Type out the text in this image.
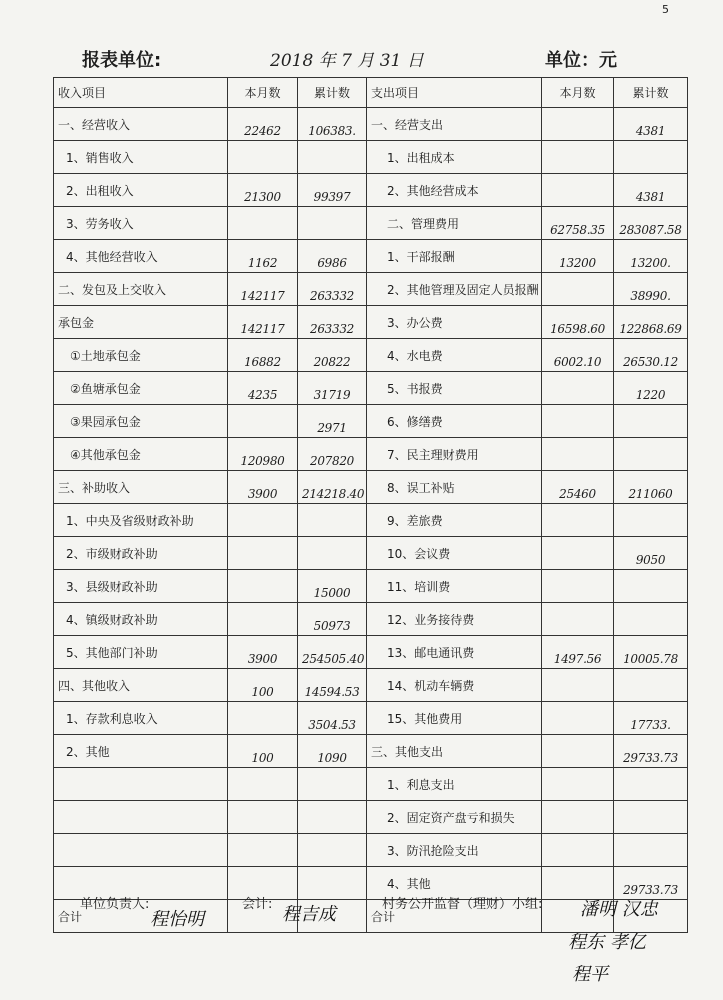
5
报表单位:	2018 年 7 月 31 日	单位：元
收入项目	本月数	累计数	支出项目	本月数	累计数
一、经营收入	22462	106383.	一、经营支出		4381
1、销售收入			1、出租成本		
2、出租收入	21300	99397	2、其他经营成本		4381
3、劳务收入			二、管理费用	62758.35	283087.58
4、其他经营收入	1162	6986	1、干部报酬	13200	13200.
二、发包及上交收入	142117	263332	2、其他管理及固定人员报酬		38990.
承包金	142117	263332	3、办公费	16598.60	122868.69
①土地承包金	16882	20822	4、水电费	6002.10	26530.12
②鱼塘承包金	4235	31719	5、书报费		1220
③果园承包金		2971	6、修缮费		
④其他承包金	120980	207820	7、民主理财费用		
三、补助收入	3900	214218.40	8、误工补贴	25460	211060
1、中央及省级财政补助			9、差旅费		
2、市级财政补助			10、会议费		9050
3、县级财政补助		15000	11、培训费		
4、镇级财政补助		50973	12、业务接待费		
5、其他部门补助	3900	254505.40	13、邮电通讯费	1497.56	10005.78
四、其他收入	100	14594.53	14、机动车辆费		
1、存款利息收入		3504.53	15、其他费用		17733.
2、其他	100	1090	三、其他支出		29733.73
			1、利息支出		
			2、固定资产盘亏和损失		
			3、防汛抢险支出		
			4、其他		29733.73
合计			合计		
单位负责人:
程怡明
会计: 程吉成	村务公开监督（理财）小组: 潘明 汉忠
程东 孝亿
程平
